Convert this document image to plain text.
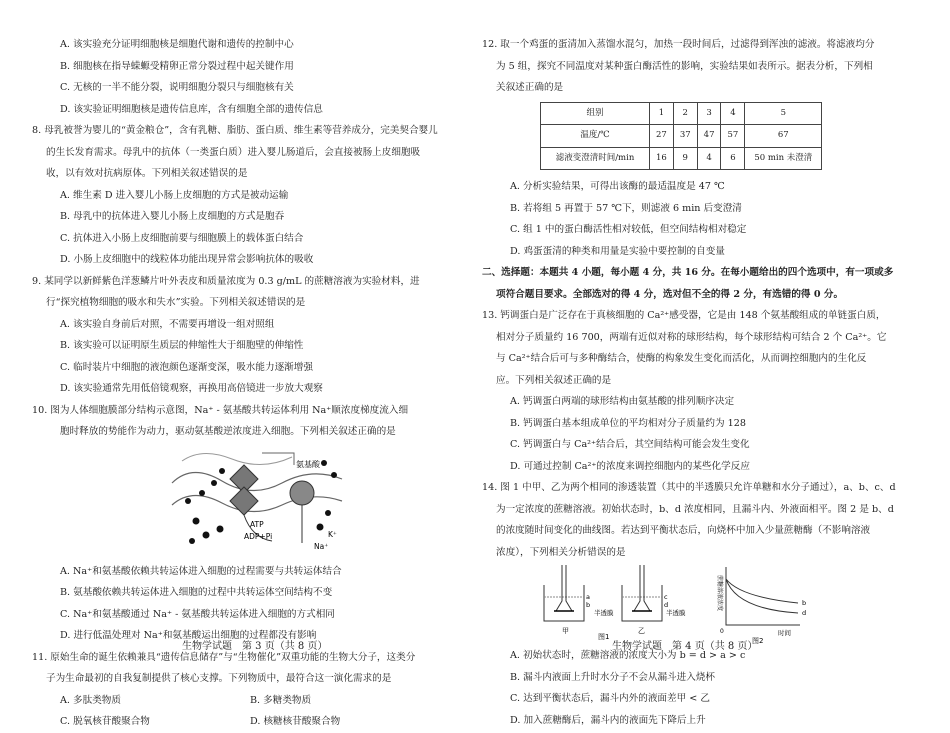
A. 该实验充分证明细胞核是细胞代谢和遗传的控制中心
B. 细胞核在指导蝾螈受精卵正常分裂过程中起关键作用
C. 无核的一半不能分裂，说明细胞分裂只与细胞核有关
D. 该实验证明细胞核是遗传信息库，含有细胞全部的遗传信息
8. 母乳被誉为婴儿的“黄金粮仓”，含有乳糖、脂肪、蛋白质、维生素等营养成分，完美契合婴儿
的生长发育需求。母乳中的抗体（一类蛋白质）进入婴儿肠道后，会直接被肠上皮细胞吸
收，以有效对抗病原体。下列相关叙述错误的是
A. 维生素 D 进入婴儿小肠上皮细胞的方式是被动运输
B. 母乳中的抗体进入婴儿小肠上皮细胞的方式是胞吞
C. 抗体进入小肠上皮细胞前要与细胞膜上的载体蛋白结合
D. 小肠上皮细胞中的线粒体功能出现异常会影响抗体的吸收
9. 某同学以新鲜紫色洋葱鳞片叶外表皮和质量浓度为 0.3 g/mL 的蔗糖溶液为实验材料，进
行“探究植物细胞的吸水和失水”实验。下列相关叙述错误的是
A. 该实验自身前后对照，不需要再增设一组对照组
B. 该实验可以证明原生质层的伸缩性大于细胞壁的伸缩性
C. 临时装片中细胞的液泡颜色逐渐变深，吸水能力逐渐增强
D. 该实验通常先用低倍镜观察，再换用高倍镜进一步放大观察
10. 图为人体细胞膜部分结构示意图，Na⁺ - 氨基酸共转运体利用 Na⁺顺浓度梯度流入细
胞时释放的势能作为动力，驱动氨基酸逆浓度进入细胞。下列相关叙述正确的是
氨基酸
ATP
ADP+Pi
Na⁺
K⁺
A. Na⁺和氨基酸依赖共转运体进入细胞的过程需要与共转运体结合
B. 氨基酸依赖共转运体进入细胞的过程中共转运体空间结构不变
C. Na⁺和氨基酸通过 Na⁺ - 氨基酸共转运体进入细胞的方式相同
D. 进行低温处理对 Na⁺和氨基酸运出细胞的过程都没有影响
11. 原始生命的诞生依赖兼具“遗传信息储存”与“生物催化”双重功能的生物大分子，这类分
子为生命最初的自我复制提供了核心支撑。下列物质中，最符合这一演化需求的是
A. 多肽类物质	B. 多糖类物质
C. 脱氧核苷酸聚合物	D. 核糖核苷酸聚合物
生物学试题　第 3 页（共 8 页）
12. 取一个鸡蛋的蛋清加入蒸馏水混匀，加热一段时间后，过滤得到浑浊的滤液。将滤液均分
为 5 组，探究不同温度对某种蛋白酶活性的影响，实验结果如表所示。据表分析，下列相
关叙述正确的是
组别	1	2	3	4	5
温度/℃	27	37	47	57	67
滤液变澄清时间/min	16	9	4	6	50 min 未澄清
A. 分析实验结果，可得出该酶的最适温度是 47 ℃
B. 若将组 5 再置于 57 ℃下，则滤液 6 min 后变澄清
C. 组 1 中的蛋白酶活性相对较低，但空间结构相对稳定
D. 鸡蛋蛋清的种类和用量是实验中要控制的自变量
二、选择题：本题共 4 小题，每小题 4 分，共 16 分。在每小题给出的四个选项中，有一项或多
项符合题目要求。全部选对的得 4 分，选对但不全的得 2 分，有选错的得 0 分。
13. 钙调蛋白是广泛存在于真核细胞的 Ca²⁺感受器，它是由 148 个氨基酸组成的单链蛋白质，
相对分子质量约 16 700，两端有近似对称的球形结构，每个球形结构可结合 2 个 Ca²⁺。它
与 Ca²⁺结合后可与多种酶结合，使酶的构象发生变化而活化，从而调控细胞内的生化反
应。下列相关叙述正确的是
A. 钙调蛋白两端的球形结构由氨基酸的排列顺序决定
B. 钙调蛋白基本组成单位的平均相对分子质量约为 128
C. 钙调蛋白与 Ca²⁺结合后，其空间结构可能会发生变化
D. 可通过控制 Ca²⁺的浓度来调控细胞内的某些化学反应
14. 图 1 中甲、乙为两个相同的渗透装置（其中的半透膜只允许单糖和水分子通过），a、b、c、d
为一定浓度的蔗糖溶液。初始状态时，b、d 浓度相同，且漏斗内、外液面相平。图 2 是 b、d
的浓度随时间变化的曲线图。若达到平衡状态后，向烧杯中加入少量蔗糖酶（不影响溶液
浓度），下列相关分析错误的是
a
b
半透膜
甲
图1
c
d
半透膜
乙
蔗糖溶液浓度
0	时间
b
d
图2
A. 初始状态时，蔗糖溶液的浓度大小为 b = d > a > c
B. 漏斗内液面上升时水分子不会从漏斗进入烧杯
C. 达到平衡状态后，漏斗内外的液面差甲 < 乙
D. 加入蔗糖酶后，漏斗内的液面先下降后上升
生物学试题　第 4 页（共 8 页）
